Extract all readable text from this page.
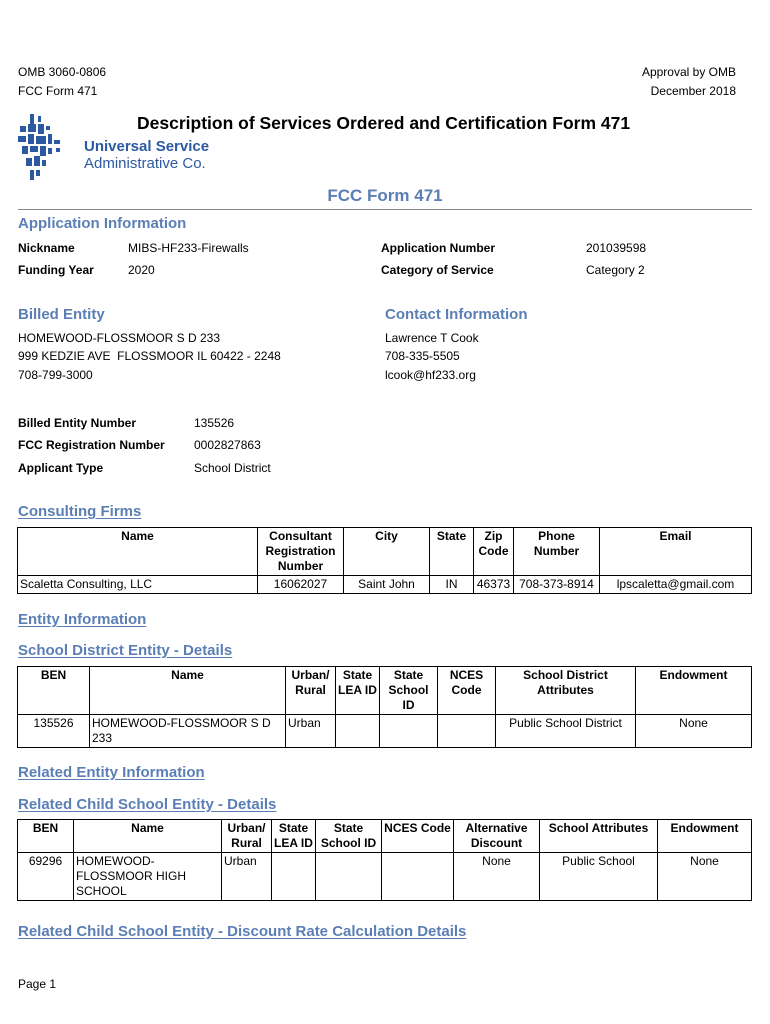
OMB 3060-0806
FCC Form 471
Approval by OMB
December 2018
Universal Service
Administrative Co.
Description of Services Ordered and Certification Form 471
FCC Form 471
Application Information
Nickname	MIBS-HF233-Firewalls	Application Number	201039598
Funding Year	2020	Category of Service	Category 2
Billed Entity
HOMEWOOD-FLOSSMOOR S D 233
999 KEDZIE AVE  FLOSSMOOR IL 60422 - 2248
708-799-3000
Contact Information
Lawrence T Cook
708-335-5505
lcook@hf233.org
Billed Entity Number	135526
FCC Registration Number 0002827863
Applicant Type	School District
Consulting Firms
Name	Consultant Registration Number	City	State	Zip Code	Phone Number	Email
Scaletta Consulting, LLC	16062027	Saint John	IN	46373	708-373-8914	lpscaletta@gmail.com
Entity Information
School District Entity - Details
BEN	Name	Urban/ Rural	State LEA ID	State School ID	NCES Code	School District Attributes	Endowment
135526	HOMEWOOD-FLOSSMOOR S D 233	Urban				Public School District	None
Related Entity Information
Related Child School Entity - Details
BEN	Name	Urban/ Rural	State LEA ID	State School ID	NCES Code	Alternative Discount	School Attributes	Endowment
69296	HOMEWOOD-FLOSSMOOR HIGH SCHOOL	Urban				None	Public School	None
Related Child School Entity - Discount Rate Calculation Details
Page 1
